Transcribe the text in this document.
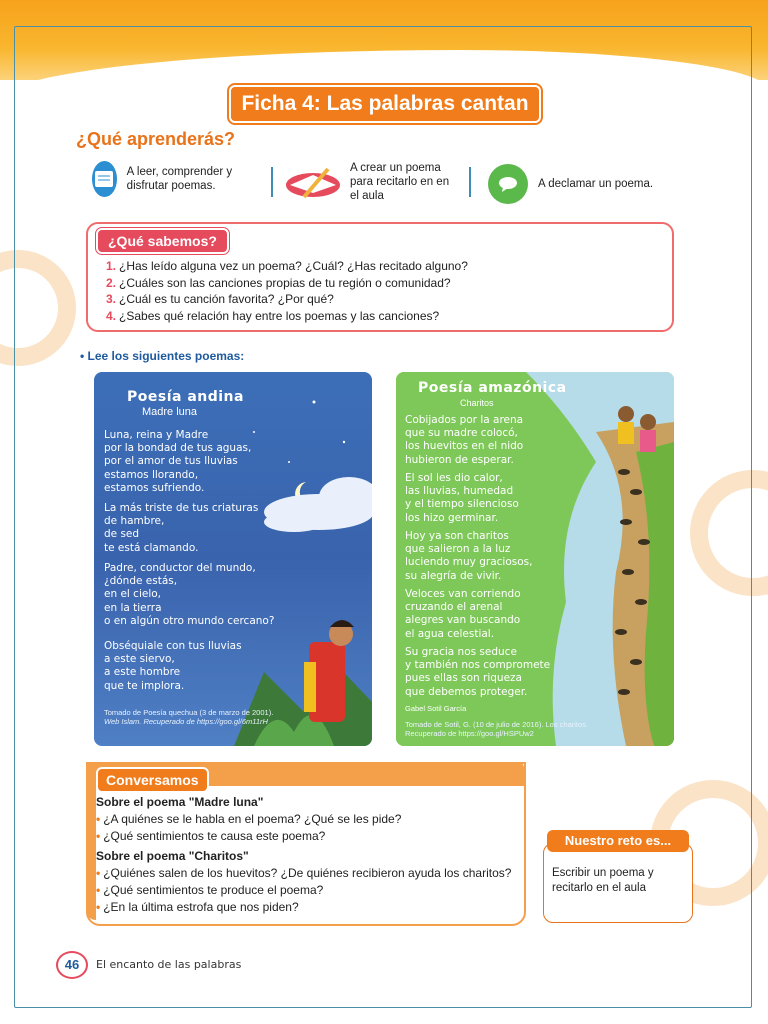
Ficha 4: Las palabras cantan
¿Qué aprenderás?
A leer, comprender y disfrutar poemas.
A crear un poema para recitarlo en en el aula
A declamar un poema.
¿Qué sabemos?
1. ¿Has leído alguna vez un poema? ¿Cuál? ¿Has recitado alguno?
2. ¿Cuáles son las canciones propias de tu región o comunidad?
3. ¿Cuál es tu canción favorita? ¿Por qué?
4. ¿Sabes qué relación hay entre los poemas y las canciones?
• Lee los siguientes poemas:
Poesía andina
Madre luna
Luna, reina y Madre
por la bondad de tus aguas,
por el amor de tus lluvias
estamos llorando,
estamos sufriendo.
La más triste de tus criaturas
de hambre,
de sed
te está clamando.
Padre, conductor del mundo,
¿dónde estás,
en el cielo,
en la tierra
o en algún otro mundo cercano?
Obséquiale con tus lluvias
a este siervo,
a este hombre
que te implora.
Tomado de Poesía quechua (3 de marzo de 2001).
Web Islam. Recuperado de https://goo.gl/6m11rH
Poesía amazónica
Charitos
Cobijados por la arena
que su madre colocó,
los huevitos en el nido
hubieron de esperar.
El sol les dio calor,
las lluvias, humedad
y el tiempo silencioso
los hizo germinar.
Hoy ya son charitos
que salieron a la luz
luciendo muy graciosos,
su alegría de vivir.
Veloces van corriendo
cruzando el arenal
alegres van buscando
el agua celestial.
Su gracia nos seduce
y también nos compromete
pues ellas son riqueza
que debemos proteger.
Gabel Sotil García
Tomado de Sotil, G. (10 de julio de 2016). Los charitos.
Recuperado de https://goo.gl/HSPUw2
Conversamos
Sobre el poema "Madre luna"
• ¿A quiénes se le habla en el poema? ¿Qué se les pide?
• ¿Qué sentimientos te causa este poema?
Sobre el poema "Charitos"
• ¿Quiénes salen de los huevitos? ¿De quiénes recibieron ayuda los charitos?
• ¿Qué sentimientos te produce el poema?
• ¿En la última estrofa que nos piden?
Nuestro reto es...
Escribir un poema y recitarlo en el aula
46	El encanto de las palabras
